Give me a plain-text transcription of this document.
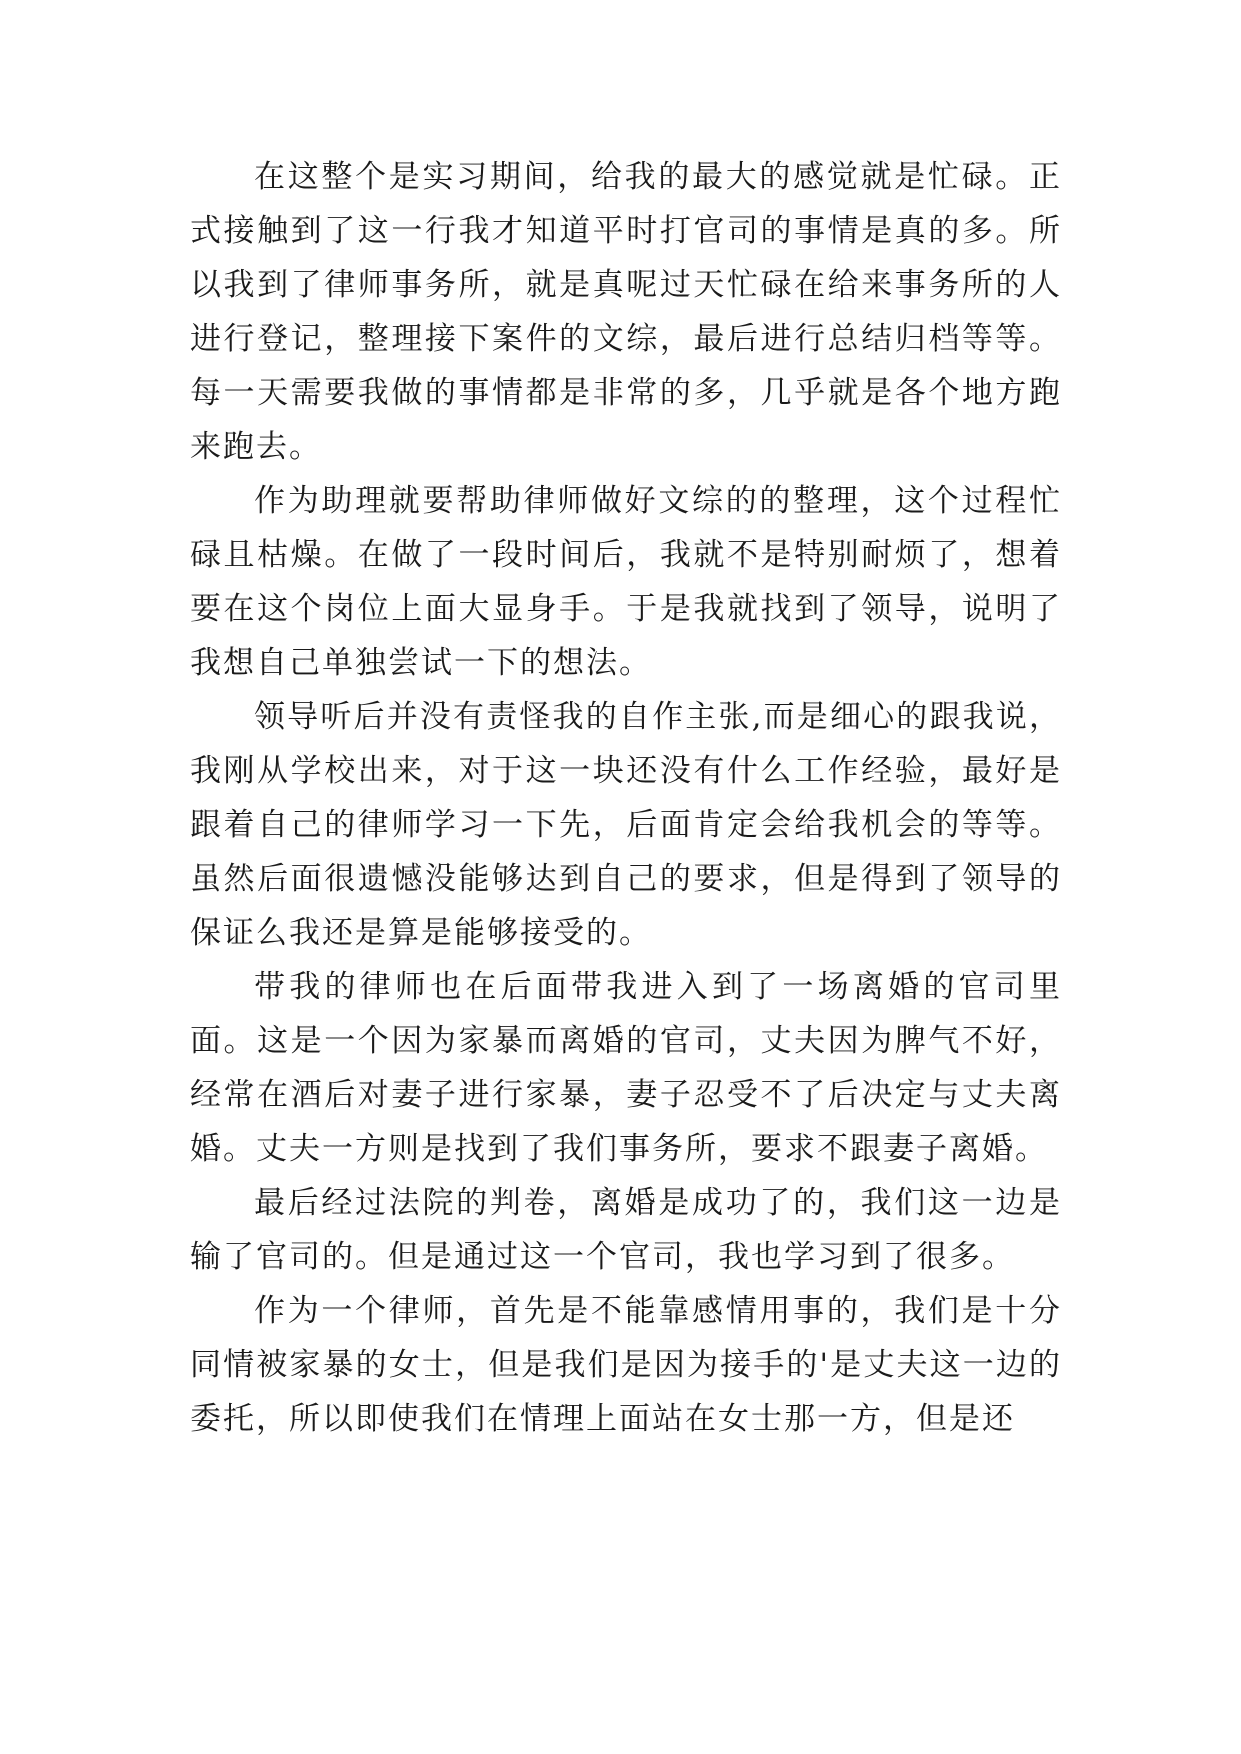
在这整个是实习期间，给我的最大的感觉就是忙碌。正式接触到了这一行我才知道平时打官司的事情是真的多。所以我到了律师事务所，就是真呢过天忙碌在给来事务所的人进行登记，整理接下案件的文综，最后进行总结归档等等。每一天需要我做的事情都是非常的多，几乎就是各个地方跑来跑去。

作为助理就要帮助律师做好文综的的整理，这个过程忙碌且枯燥。在做了一段时间后，我就不是特别耐烦了，想着要在这个岗位上面大显身手。于是我就找到了领导，说明了我想自己单独尝试一下的想法。

领导听后并没有责怪我的自作主张,而是细心的跟我说，我刚从学校出来，对于这一块还没有什么工作经验，最好是跟着自己的律师学习一下先，后面肯定会给我机会的等等。虽然后面很遗憾没能够达到自己的要求，但是得到了领导的保证么我还是算是能够接受的。

带我的律师也在后面带我进入到了一场离婚的官司里面。这是一个因为家暴而离婚的官司，丈夫因为脾气不好，经常在酒后对妻子进行家暴，妻子忍受不了后决定与丈夫离婚。丈夫一方则是找到了我们事务所，要求不跟妻子离婚。

最后经过法院的判卷，离婚是成功了的，我们这一边是输了官司的。但是通过这一个官司，我也学习到了很多。

作为一个律师，首先是不能靠感情用事的，我们是十分同情被家暴的女士，但是我们是因为接手的'是丈夫这一边的委托，所以即使我们在情理上面站在女士那一方，但是还
